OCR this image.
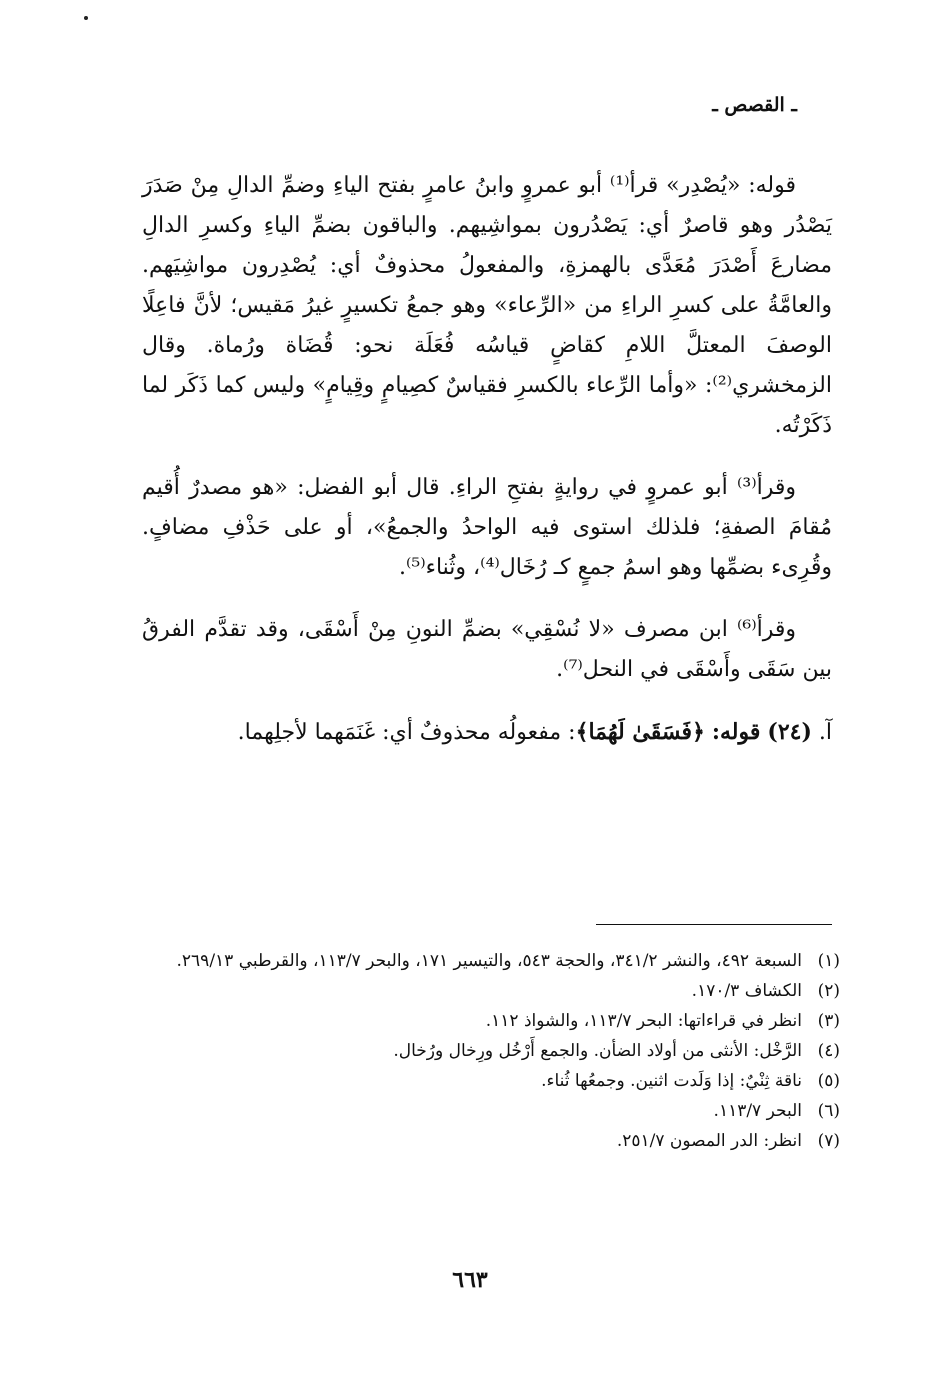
ـ القصص ـ

قوله: «يُصْدِر» قرأ⁽¹⁾ أبو عمروٍ وابنُ عامرٍ بفتح الياءِ وضمِّ الدالِ مِنْ صَدَرَ يَصْدُر وهو قاصرٌ أي: يَصْدُرون بمواشِيهم. والباقون بضمِّ الياءِ وكسرِ الدالِ مضارعَ أَصْدَرَ مُعَدَّى بالهمزةِ، والمفعولُ محذوفٌ أي: يُصْدِرون مواشِيَهم. والعامَّةُ على كسرِ الراءِ من «الرِّعاء» وهو جمعُ تكسيرٍ غيرُ مَقيس؛ لأنَّ فاعِلًا الوصفَ المعتلَّ اللامِ كقاضٍ قياسُه فُعَلَة نحو: قُضَاة ورُماة. وقال الزمخشري⁽²⁾: «وأما الرِّعاء بالكسرِ فقياسٌ كصِيامٍ وقِيامٍ» وليس كما ذَكَر لما ذَكَرْتُه.

وقرأ⁽³⁾ أبو عمروٍ في روايةٍ بفتحِ الراءِ. قال أبو الفضل: «هو مصدرٌ أُقيم مُقامَ الصفةِ؛ فلذلك استوى فيه الواحدُ والجمعُ»، أو على حَذْفِ مضافٍ. وقُرِىء بضمِّها وهو اسمُ جمعٍ كـ رُخَال⁽⁴⁾، وثُناء⁽⁵⁾.

وقرأ⁽⁶⁾ ابن مصرف «لا نُسْقِي» بضمِّ النونِ مِنْ أَسْقَى، وقد تقدَّم الفرقُ بين سَقَى وأَسْقَى في النحل⁽⁷⁾.

آ. (٢٤) قوله: ﴿فَسَقَىٰ لَهُمَا﴾: مفعولُه محذوفٌ أي: غَنَمَهما لأجلِهما.

(١)
السبعة ٤٩٢، والنشر ٣٤١/٢، والحجة ٥٤٣، والتيسير ١٧١، والبحر ١١٣/٧، والقرطبي ٢٦٩/١٣.
(٢)
الكشاف ١٧٠/٣.
(٣)
انظر في قراءاتها: البحر ١١٣/٧، والشواذ ١١٢.
(٤)
الرَّخْل: الأنثى من أولاد الضأن. والجمع أَرْخُل ورِخال ورُخال.
(٥)
ناقة ثِنْيٌ: إذا وَلَدت اثنين. وجمعُها ثُناء.
(٦)
البحر ١١٣/٧.
(٧)
انظر: الدر المصون ٢٥١/٧.
٦٦٣
